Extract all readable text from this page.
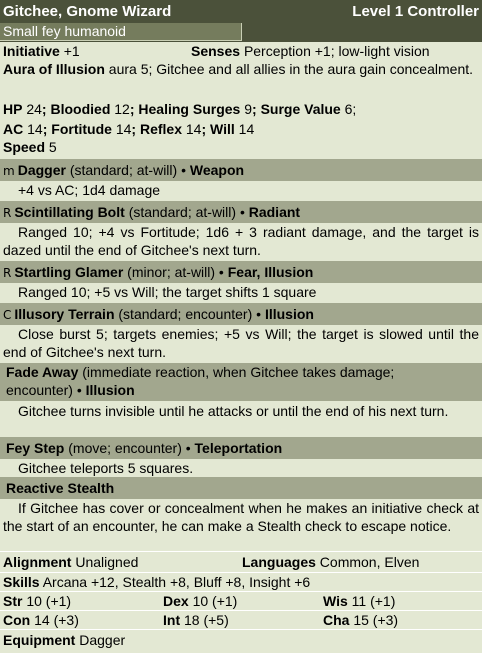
Gitchee, Gnome Wizard	Level 1 Controller
Small fey humanoid
Initiative +1	Senses Perception +1; low-light vision
Aura of Illusion aura 5; Gitchee and all allies in the aura gain concealment.
HP 24; Bloodied 12; Healing Surges 9; Surge Value 6;
AC 14; Fortitude 14; Reflex 14; Will 14
Speed 5
m Dagger (standard; at-will) • Weapon
+4 vs AC; 1d4 damage
R Scintillating Bolt (standard; at-will) • Radiant
Ranged 10; +4 vs Fortitude; 1d6 + 3 radiant damage, and the target is dazed until the end of Gitchee's next turn.
R Startling Glamer (minor; at-will) • Fear, Illusion
Ranged 10; +5 vs Will; the target shifts 1 square
C Illusory Terrain (standard; encounter) • Illusion
Close burst 5; targets enemies; +5 vs Will; the target is slowed until the end of Gitchee's next turn.
Fade Away (immediate reaction, when Gitchee takes damage;
encounter) • Illusion
Gitchee turns invisible until he attacks or until the end of his next turn.
Fey Step (move; encounter) • Teleportation
Gitchee teleports 5 squares.
Reactive Stealth
If Gitchee has cover or concealment when he makes an initiative check at the start of an encounter, he can make a Stealth check to escape notice.
Alignment Unaligned	Languages Common, Elven
Skills Arcana +12, Stealth +8, Bluff +8, Insight +6
Str 10 (+1)	Dex 10 (+1)	Wis 11 (+1)
Con 14 (+3)	Int 18 (+5)	Cha 15 (+3)
Equipment Dagger
